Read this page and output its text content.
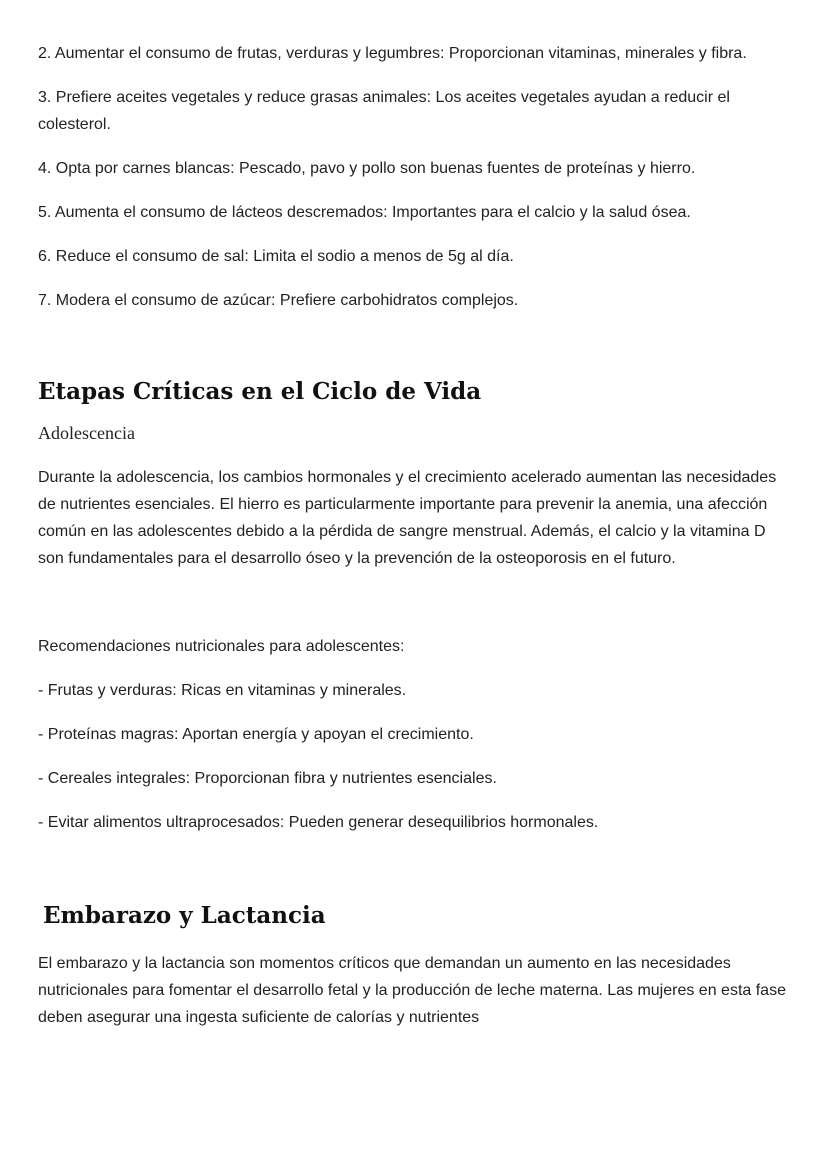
2. Aumentar el consumo de frutas, verduras y legumbres: Proporcionan vitaminas, minerales y fibra.

3. Prefiere aceites vegetales y reduce grasas animales: Los aceites vegetales ayudan a reducir el colesterol.

4. Opta por carnes blancas: Pescado, pavo y pollo son buenas fuentes de proteínas y hierro.

5. Aumenta el consumo de lácteos descremados: Importantes para el calcio y la salud ósea.

6. Reduce el consumo de sal: Limita el sodio a menos de 5g al día.

7. Modera el consumo de azúcar: Prefiere carbohidratos complejos.

Etapas Críticas en el Ciclo de Vida
Adolescencia

Durante la adolescencia, los cambios hormonales y el crecimiento acelerado aumentan las necesidades de nutrientes esenciales. El hierro es particularmente importante para prevenir la anemia, una afección común en las adolescentes debido a la pérdida de sangre menstrual. Además, el calcio y la vitamina D son fundamentales para el desarrollo óseo y la prevención de la osteoporosis en el futuro.

Recomendaciones nutricionales para adolescentes:

- Frutas y verduras: Ricas en vitaminas y minerales.

- Proteínas magras: Aportan energía y apoyan el crecimiento.

- Cereales integrales: Proporcionan fibra y nutrientes esenciales.

- Evitar alimentos ultraprocesados: Pueden generar desequilibrios hormonales.

Embarazo y Lactancia

El embarazo y la lactancia son momentos críticos que demandan un aumento en las necesidades nutricionales para fomentar el desarrollo fetal y la producción de leche materna. Las mujeres en esta fase deben asegurar una ingesta suficiente de calorías y nutrientes
